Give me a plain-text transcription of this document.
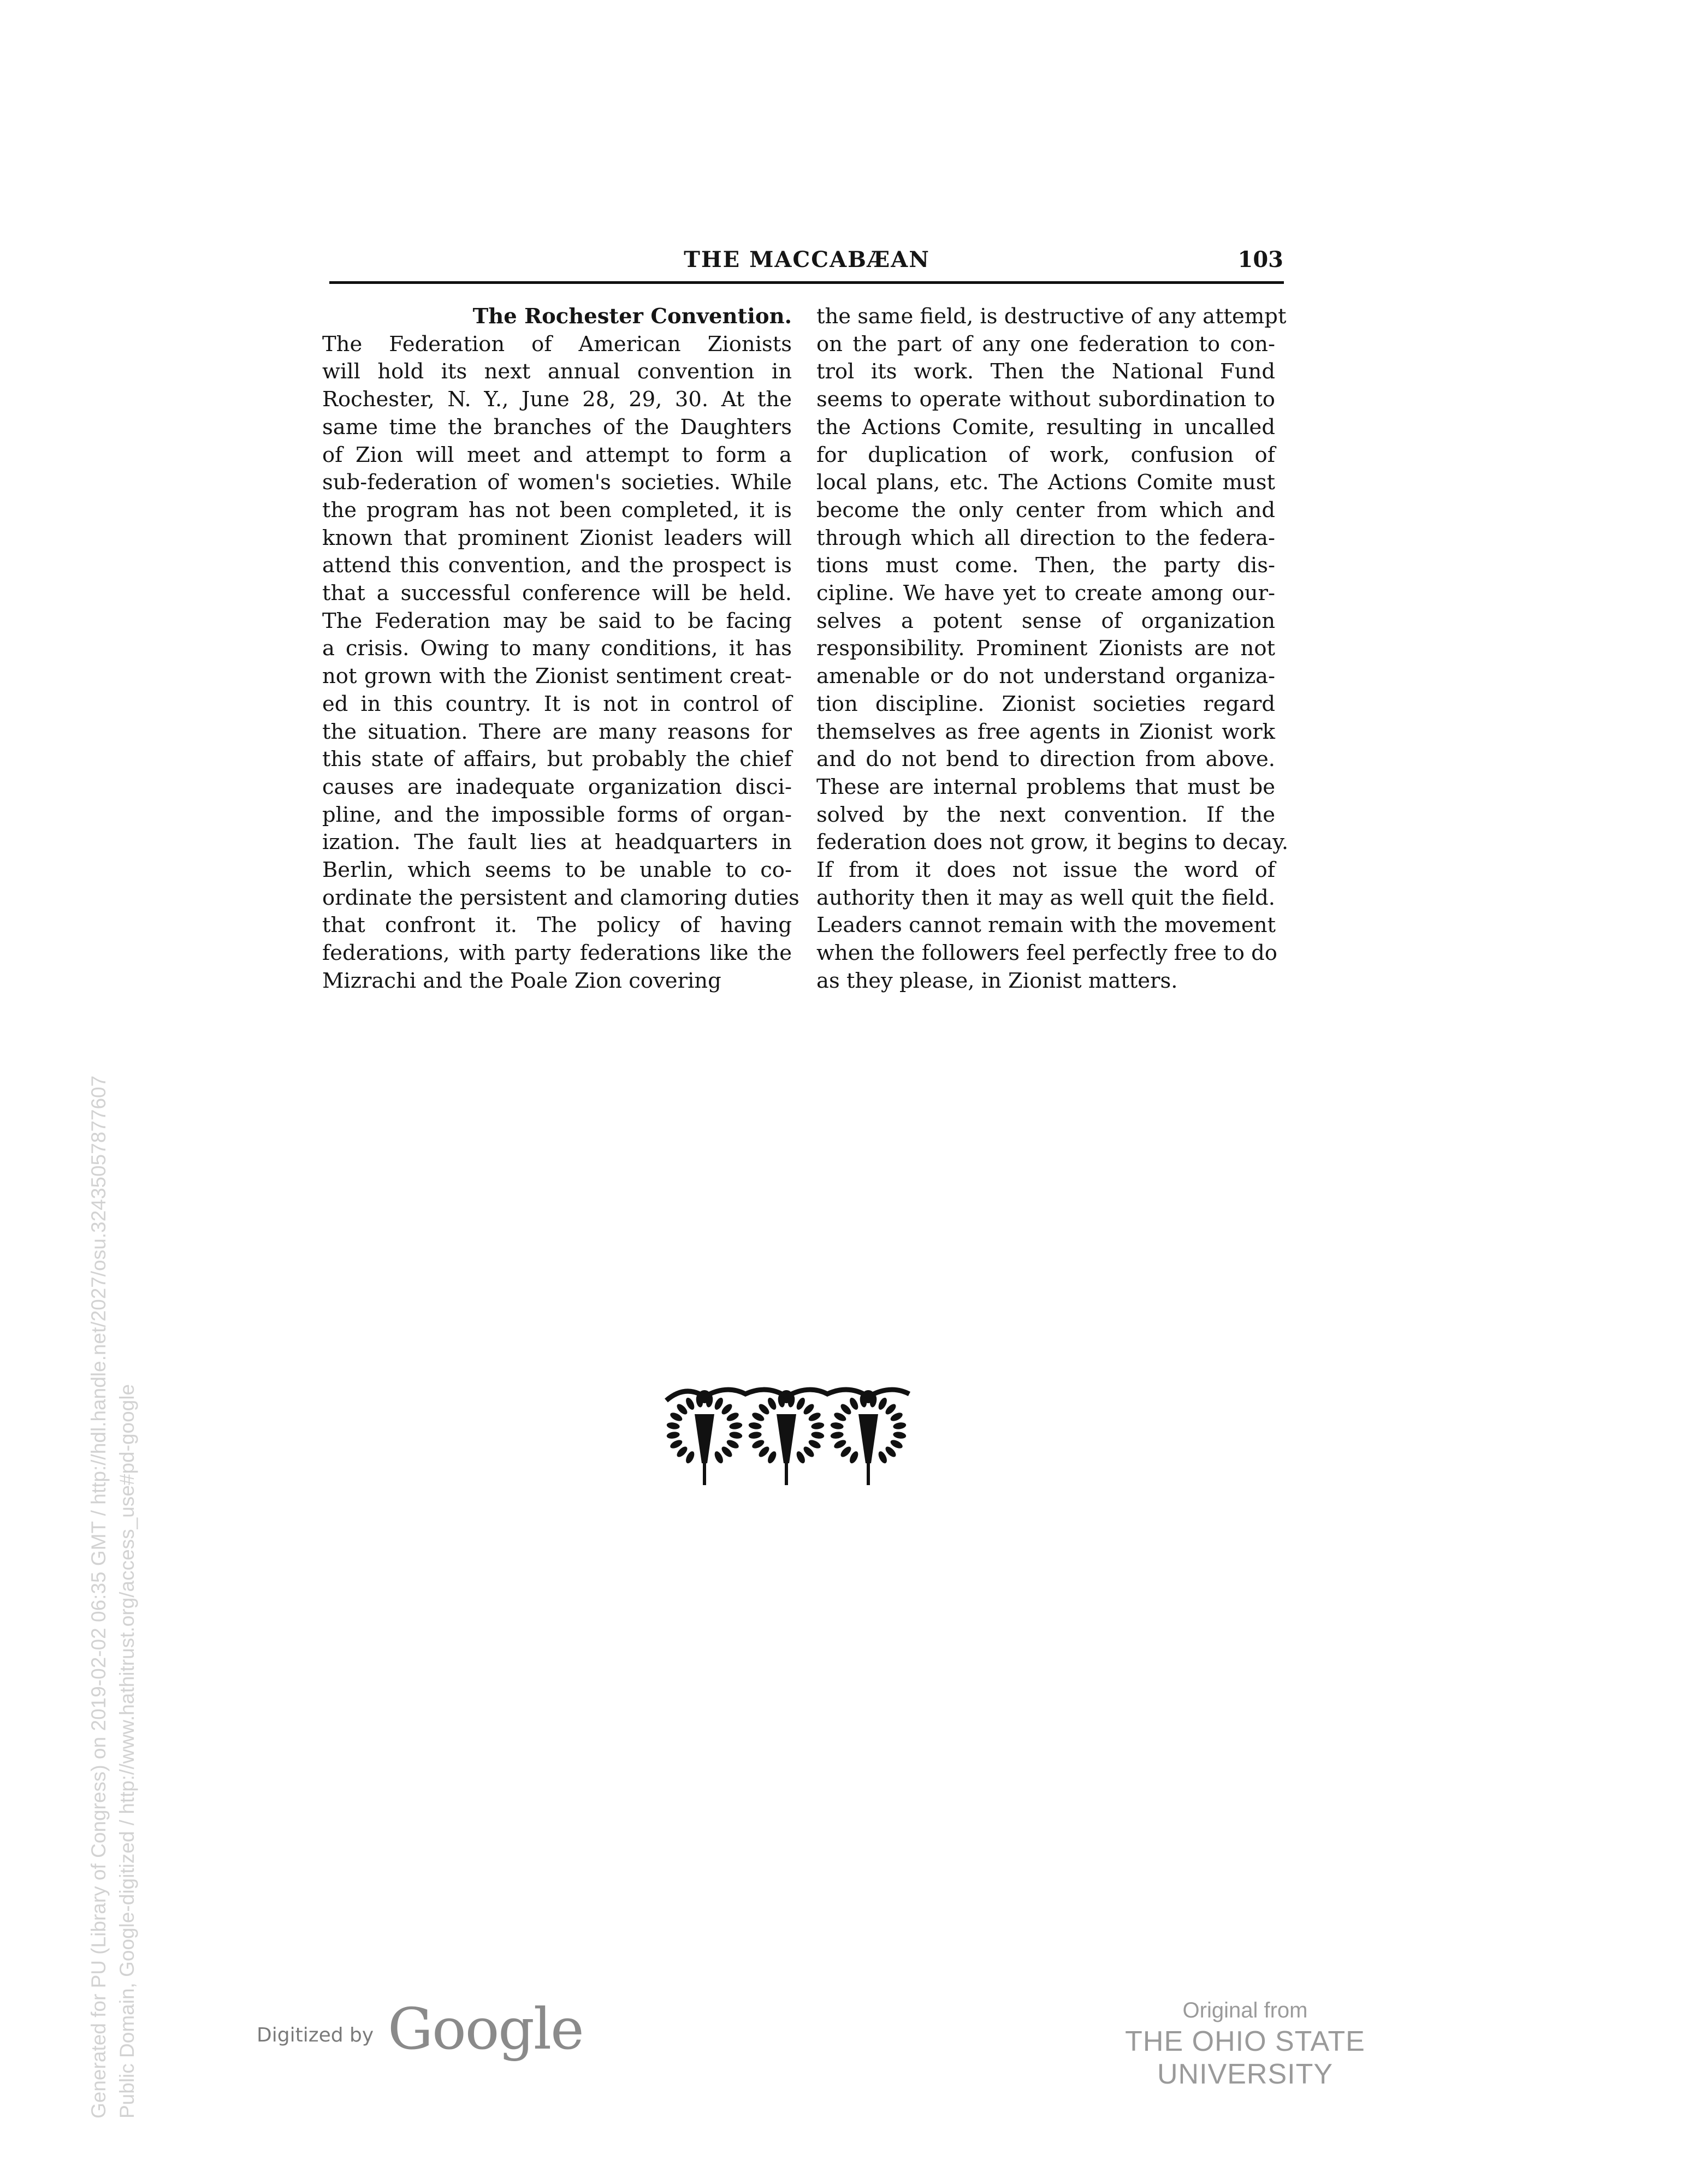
THE MACCABÆAN	103
The Rochester Convention.
The Federation of American Zionists
will hold its next annual convention in
Rochester, N. Y., June 28, 29, 30. At the
same time the branches of the Daughters
of Zion will meet and attempt to form a
sub-federation of women's societies. While
the program has not been completed, it is
known that prominent Zionist leaders will
attend this convention, and the prospect is
that a successful conference will be held.
The Federation may be said to be facing
a crisis. Owing to many conditions, it has
not grown with the Zionist sentiment creat-
ed in this country. It is not in control of
the situation. There are many reasons for
this state of affairs, but probably the chief
causes are inadequate organization disci-
pline, and the impossible forms of organ-
ization. The fault lies at headquarters in
Berlin, which seems to be unable to co-
ordinate the persistent and clamoring duties
that confront it. The policy of having
federations, with party federations like the
Mizrachi and the Poale Zion covering
the same field, is destructive of any attempt
on the part of any one federation to con-
trol its work. Then the National Fund
seems to operate without subordination to
the Actions Comite, resulting in uncalled
for duplication of work, confusion of
local plans, etc. The Actions Comite must
become the only center from which and
through which all direction to the federa-
tions must come. Then, the party dis-
cipline. We have yet to create among our-
selves a potent sense of organization
responsibility. Prominent Zionists are not
amenable or do not understand organiza-
tion discipline. Zionist societies regard
themselves as free agents in Zionist work
and do not bend to direction from above.
These are internal problems that must be
solved by the next convention. If the
federation does not grow, it begins to decay.
If from it does not issue the word of
authority then it may as well quit the field.
Leaders cannot remain with the movement
when the followers feel perfectly free to do
as they please, in Zionist matters.
Digitized by Google	Original from
THE OHIO STATE UNIVERSITY
Generated for PU (Library of Congress) on 2019-02-02 06:35 GMT / http://hdl.handle.net/2027/osu.32435057877607 Public Domain, Google-digitized / http://www.hathitrust.org/access_use#pd-google
